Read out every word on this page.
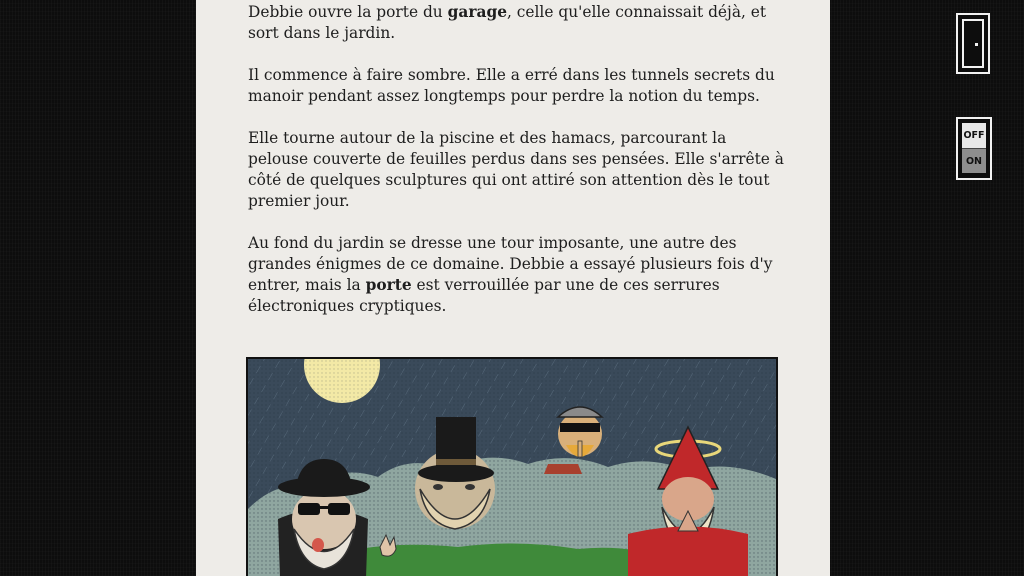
Debbie ouvre la porte du garage, celle qu'elle connaissait déjà, et sort dans le jardin.

Il commence à faire sombre. Elle a erré dans les tunnels secrets du manoir pendant assez longtemps pour perdre la notion du temps.

Elle tourne autour de la piscine et des hamacs, parcourant la pelouse couverte de feuilles perdus dans ses pensées. Elle s'arrête à côté de quelques sculptures qui ont attiré son attention dès le tout premier jour.

Au fond du jardin se dresse une tour imposante, une autre des grandes énigmes de ce domaine. Debbie a essayé plusieurs fois d'y entrer, mais la porte est verrouillée par une de ces serrures électroniques cryptiques.

OFF
ON
